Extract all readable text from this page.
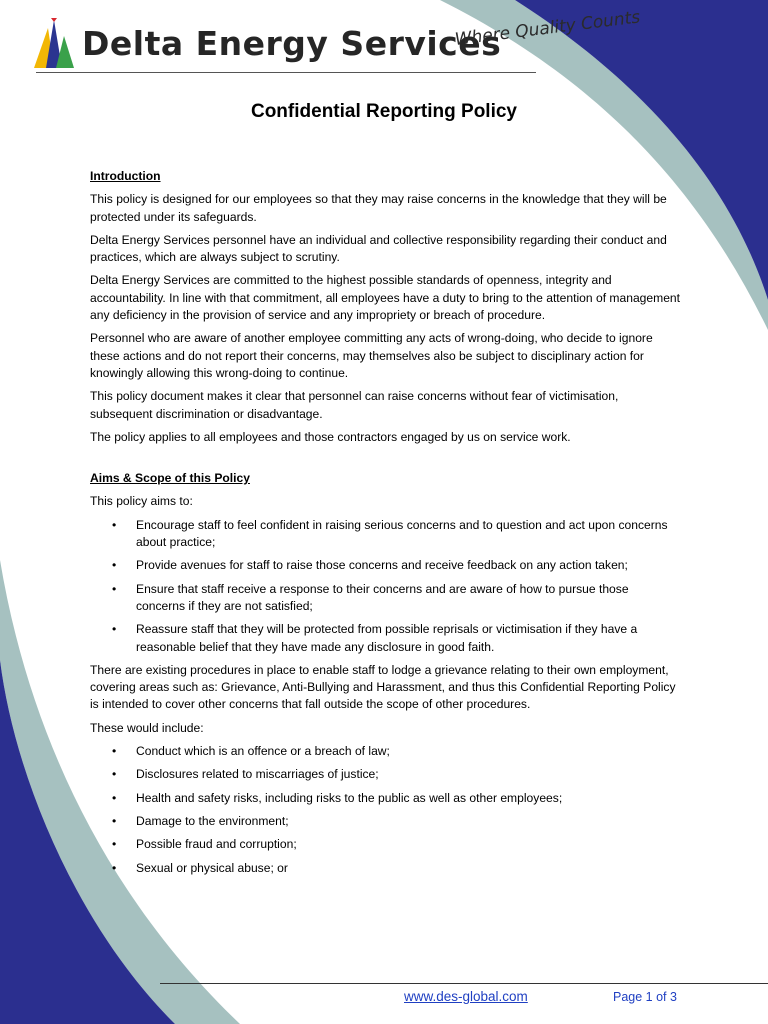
Delta Energy Services
Where Quality Counts
Confidential Reporting Policy

Introduction

This policy is designed for our employees so that they may raise concerns in the knowledge that they will be protected under its safeguards.

Delta Energy Services personnel have an individual and collective responsibility regarding their conduct and practices, which are always subject to scrutiny.

Delta Energy Services are committed to the highest possible standards of openness, integrity and accountability. In line with that commitment, all employees have a duty to bring to the attention of management any deficiency in the provision of service and any impropriety or breach of procedure.

Personnel who are aware of another employee committing any acts of wrong-doing, who decide to ignore these actions and do not report their concerns, may themselves also be subject to disciplinary action for knowingly allowing this wrong-doing to continue.

This policy document makes it clear that personnel can raise concerns without fear of victimisation, subsequent discrimination or disadvantage.

The policy applies to all employees and those contractors engaged by us on service work.

Aims & Scope of this Policy

This policy aims to:

• Encourage staff to feel confident in raising serious concerns and to question and act upon concerns about practice;
• Provide avenues for staff to raise those concerns and receive feedback on any action taken;
• Ensure that staff receive a response to their concerns and are aware of how to pursue those concerns if they are not satisfied;
• Reassure staff that they will be protected from possible reprisals or victimisation if they have a reasonable belief that they have made any disclosure in good faith.

There are existing procedures in place to enable staff to lodge a grievance relating to their own employment, covering areas such as: Grievance, Anti-Bullying and Harassment, and thus this Confidential Reporting Policy is intended to cover other concerns that fall outside the scope of other procedures.

These would include:

• Conduct which is an offence or a breach of law;
• Disclosures related to miscarriages of justice;
• Health and safety risks, including risks to the public as well as other employees;
• Damage to the environment;
• Possible fraud and corruption;
• Sexual or physical abuse; or
www.des-global.com	Page 1 of 3
